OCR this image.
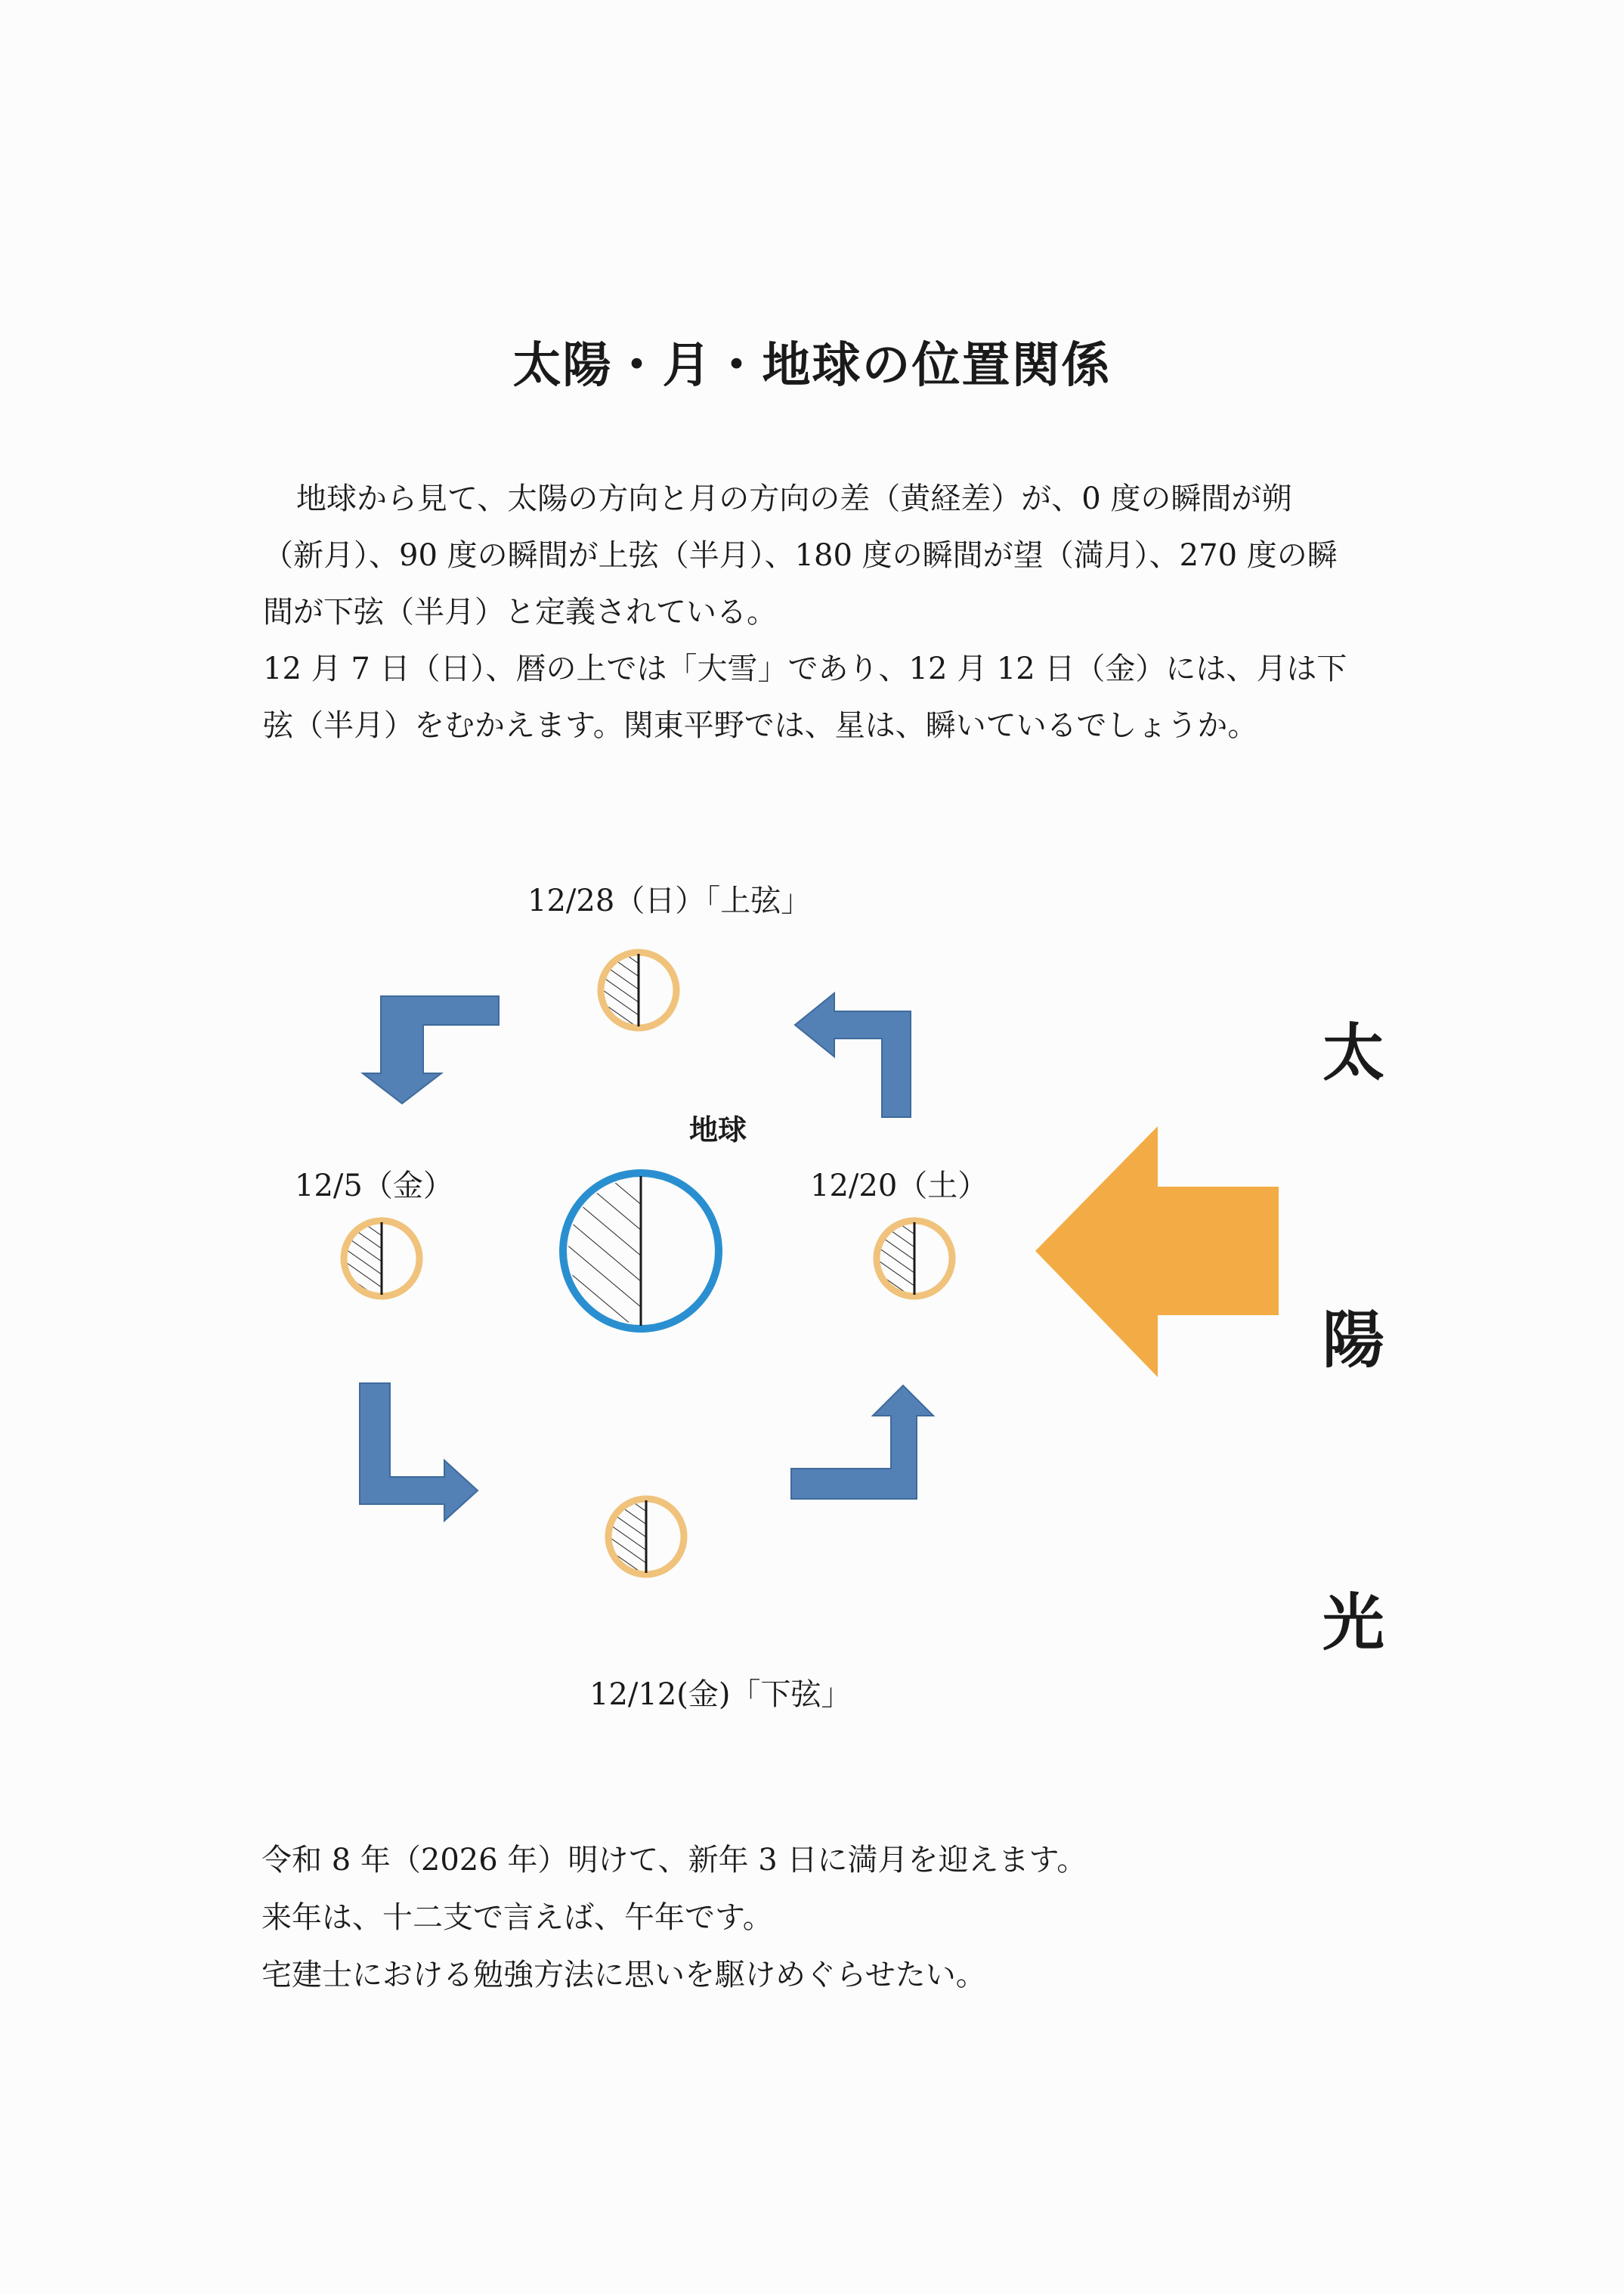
太陽・月・地球の位置関係

地球から見て、太陽の方向と月の方向の差（黄経差）が、0 度の瞬間が朔（新月）、90 度の瞬間が上弦（半月）、180 度の瞬間が望（満月）、270 度の瞬間が下弦（半月）と定義されている。

12 月 7 日（日）、暦の上では「大雪」であり、12 月 12 日（金）には、月は下弦（半月）をむかえます。関東平野では、星は、瞬いているでしょうか。

12/28（日）「上弦」
12/5（金）	12/20（土）
12/12(金)「下弦」
地球
太
陽
光

令和 8 年（2026 年）明けて、新年 3 日に満月を迎えます。

来年は、十二支で言えば、午年です。

宅建士における勉強方法に思いを駆けめぐらせたい。
